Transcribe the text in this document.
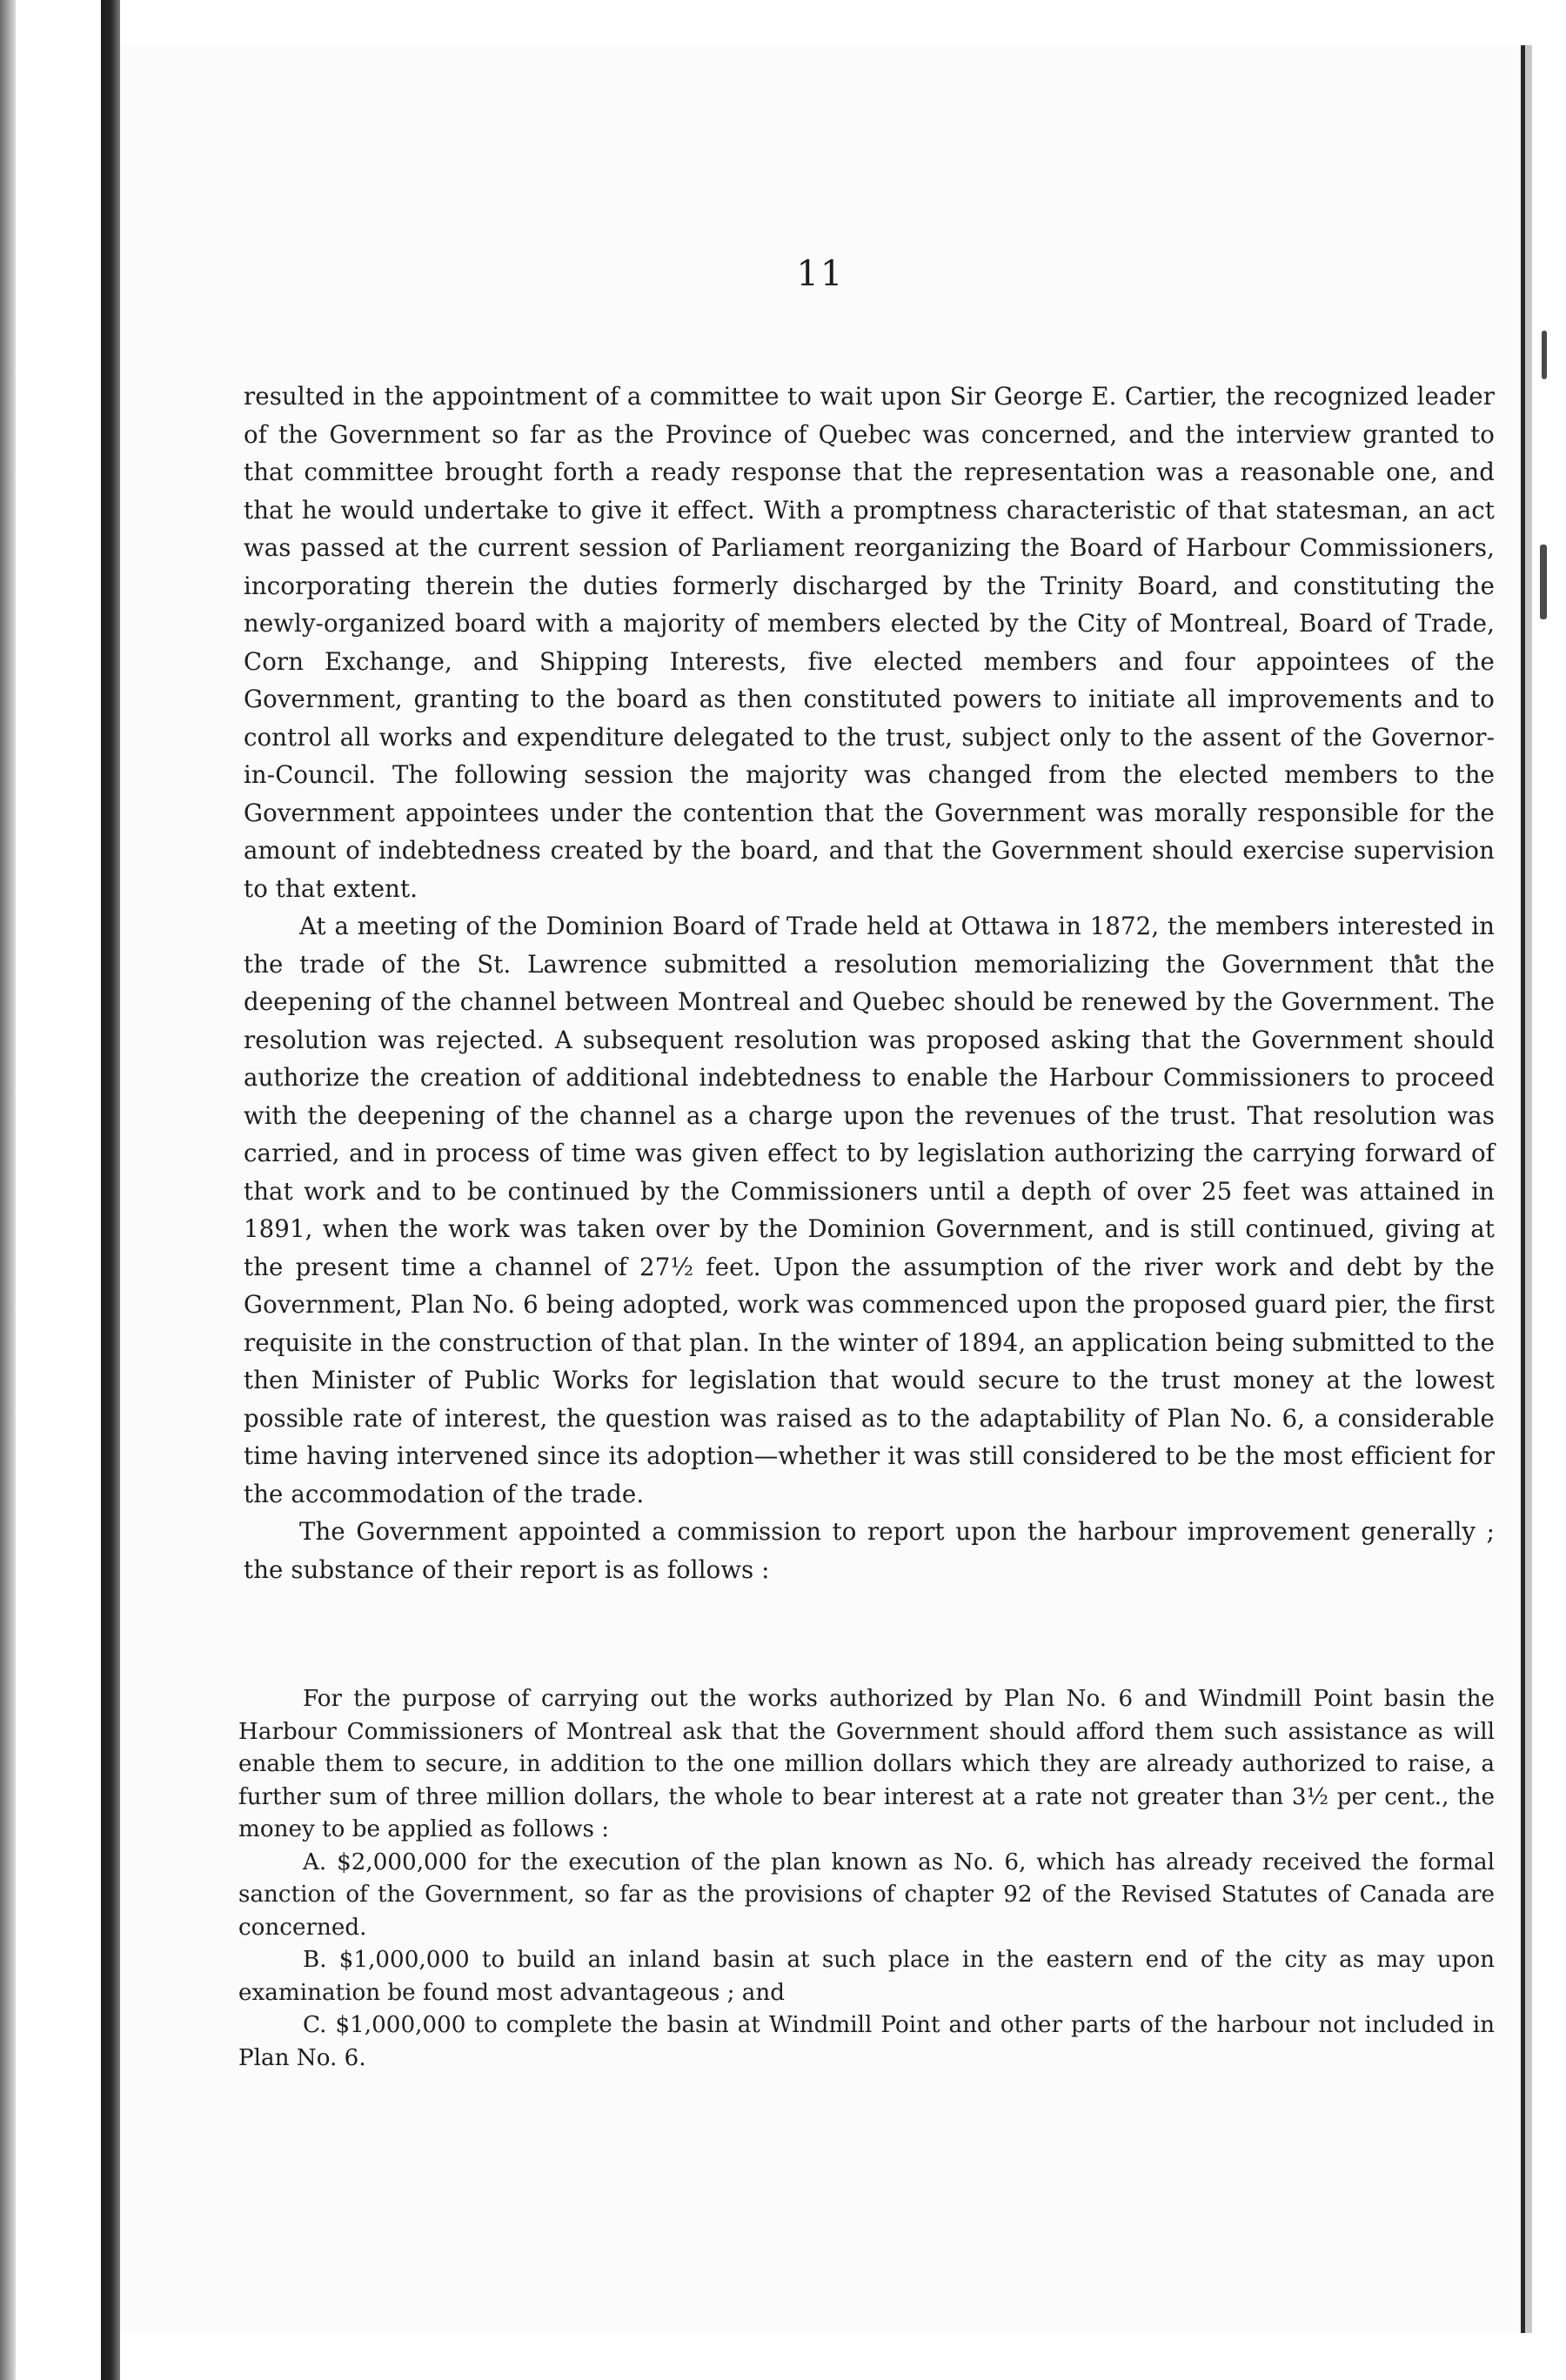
11

resulted in the appointment of a committee to wait upon Sir George E. Cartier, the recognized leader of the Government so far as the Province of Quebec was concerned, and the interview granted to that committee brought forth a ready response that the representation was a reasonable one, and that he would undertake to give it effect. With a promptness characteristic of that statesman, an act was passed at the current session of Parliament reorganizing the Board of Harbour Commissioners, incorporating therein the duties formerly discharged by the Trinity Board, and constituting the newly-organized board with a majority of members elected by the City of Montreal, Board of Trade, Corn Exchange, and Shipping Interests, five elected members and four appointees of the Government, granting to the board as then constituted powers to initiate all improvements and to control all works and expenditure delegated to the trust, subject only to the assent of the Governor-in-Council. The following session the majority was changed from the elected members to the Government appointees under the contention that the Government was morally responsible for the amount of indebtedness created by the board, and that the Government should exercise supervision to that extent.

At a meeting of the Dominion Board of Trade held at Ottawa in 1872, the members interested in the trade of the St. Lawrence submitted a resolution memorializing the Government that the deepening of the channel between Montreal and Quebec should be renewed by the Government. The resolution was rejected. A subsequent resolution was proposed asking that the Government should authorize the creation of additional indebtedness to enable the Harbour Commissioners to proceed with the deepening of the channel as a charge upon the revenues of the trust. That resolution was carried, and in process of time was given effect to by legislation authorizing the carrying forward of that work and to be continued by the Commissioners until a depth of over 25 feet was attained in 1891, when the work was taken over by the Dominion Government, and is still continued, giving at the present time a channel of 27½ feet. Upon the assumption of the river work and debt by the Government, Plan No. 6 being adopted, work was commenced upon the proposed guard pier, the first requisite in the construction of that plan. In the winter of 1894, an application being submitted to the then Minister of Public Works for legislation that would secure to the trust money at the lowest possible rate of interest, the question was raised as to the adaptability of Plan No. 6, a considerable time having intervened since its adoption—whether it was still considered to be the most efficient for the accommodation of the trade.

The Government appointed a commission to report upon the harbour improvement generally ; the substance of their report is as follows :

For the purpose of carrying out the works authorized by Plan No. 6 and Windmill Point basin the Harbour Commissioners of Montreal ask that the Government should afford them such assistance as will enable them to secure, in addition to the one million dollars which they are already authorized to raise, a further sum of three million dollars, the whole to bear interest at a rate not greater than 3½ per cent., the money to be applied as follows :

A. $2,000,000 for the execution of the plan known as No. 6, which has already received the formal sanction of the Government, so far as the provisions of chapter 92 of the Revised Statutes of Canada are concerned.

B. $1,000,000 to build an inland basin at such place in the eastern end of the city as may upon examination be found most advantageous ; and

C. $1,000,000 to complete the basin at Windmill Point and other parts of the harbour not included in Plan No. 6.
